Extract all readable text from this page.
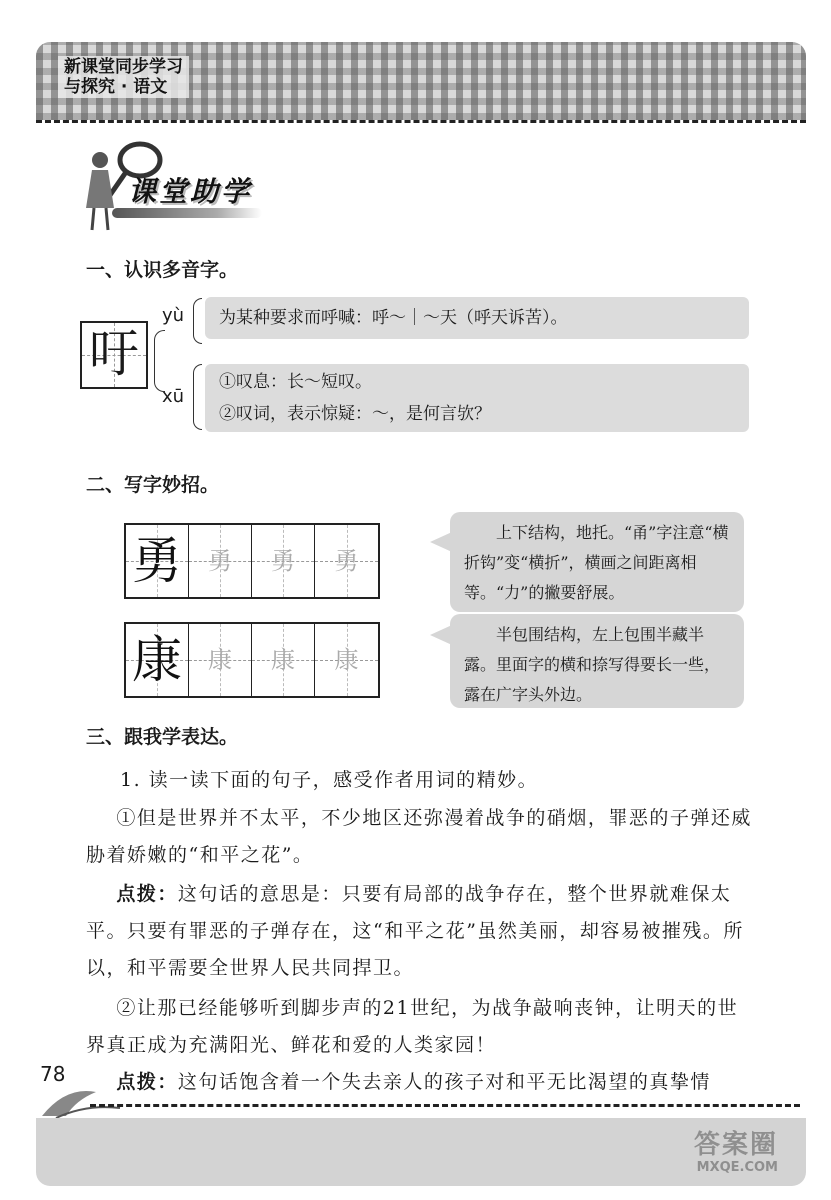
新课堂同步学习
与探究 · 语文
课堂助学
一、认识多音字。
吁
yù
xū
为某种要求而呼喊：呼～｜～天（呼天诉苦）。
①叹息：长～短叹。
②叹词，表示惊疑：～，是何言欤？
二、写字妙招。
勇	勇	勇	勇
上下结构，地托。“甬”字注意“横折钩”变“横折”，横画之间距离相等。“力”的撇要舒展。
康	康	康	康
半包围结构，左上包围半藏半露。里面字的横和捺写得要长一些，露在广字头外边。
三、跟我学表达。
1. 读一读下面的句子，感受作者用词的精妙。
①但是世界并不太平，不少地区还弥漫着战争的硝烟，罪恶的子弹还威胁着娇嫩的“和平之花”。
点拨：这句话的意思是：只要有局部的战争存在，整个世界就难保太平。只要有罪恶的子弹存在，这“和平之花”虽然美丽，却容易被摧残。所以，和平需要全世界人民共同捍卫。
②让那已经能够听到脚步声的21世纪，为战争敲响丧钟，让明天的世界真正成为充满阳光、鲜花和爱的人类家园！
点拨：这句话饱含着一个失去亲人的孩子对和平无比渴望的真挚情
78
答案圈
MXQE.COM
